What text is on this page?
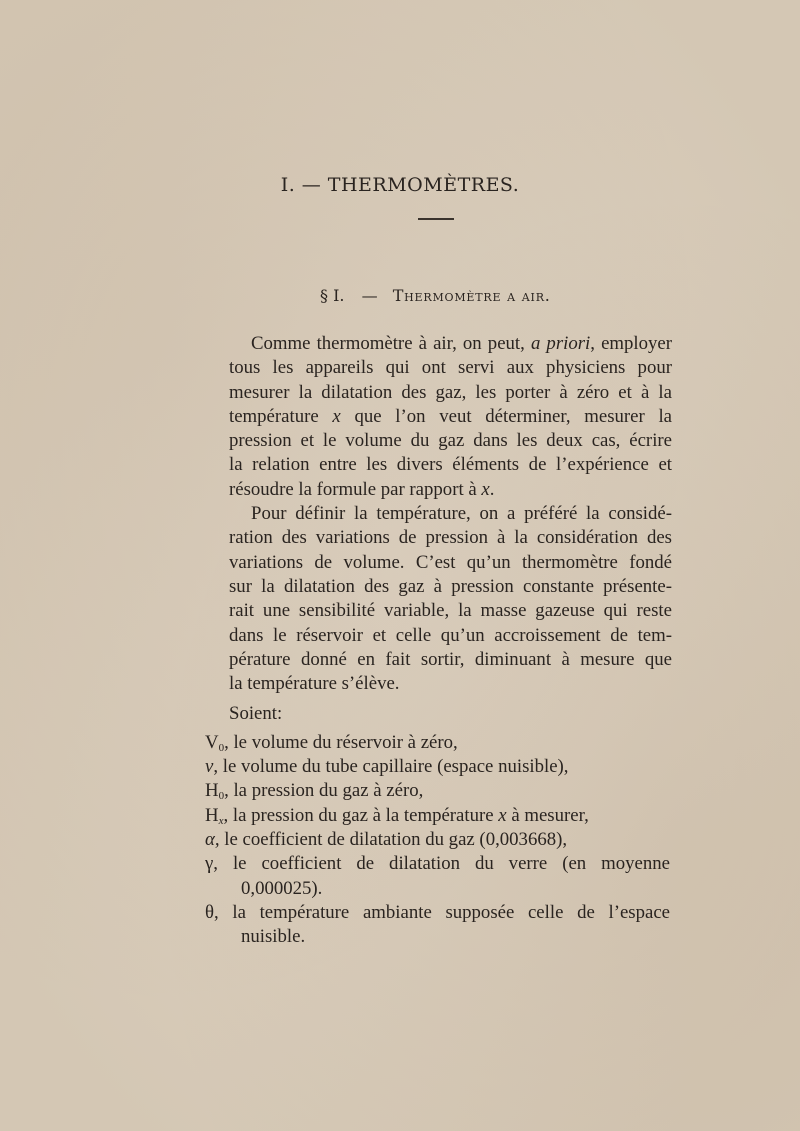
I. — THERMOMÈTRES.
§ I. — Thermomètre a air.
Comme thermomètre à air, on peut, a priori, employer
tous les appareils qui ont servi aux physiciens pour
mesurer la dilatation des gaz, les porter à zéro et à la
température x que l’on veut déterminer, mesurer la
pression et le volume du gaz dans les deux cas, écrire
la relation entre les divers éléments de l’expérience et
résoudre la formule par rapport à x.
Pour définir la température, on a préféré la considé-
ration des variations de pression à la considération des
variations de volume. C’est qu’un thermomètre fondé
sur la dilatation des gaz à pression constante présente-
rait une sensibilité variable, la masse gazeuse qui reste
dans le réservoir et celle qu’un accroissement de tem-
pérature donné en fait sortir, diminuant à mesure que
la température s’élève.
Soient:
$V_0$, le volume du réservoir à zéro,
v, le volume du tube capillaire (espace nuisible),
$H_0$, la pression du gaz à zéro,
$H_x$, la pression du gaz à la température x à mesurer,
α, le coefficient de dilatation du gaz (0,003668),
γ, le coefficient de dilatation du verre (en moyenne
0,000025).
θ, la température ambiante supposée celle de l’espace
nuisible.
